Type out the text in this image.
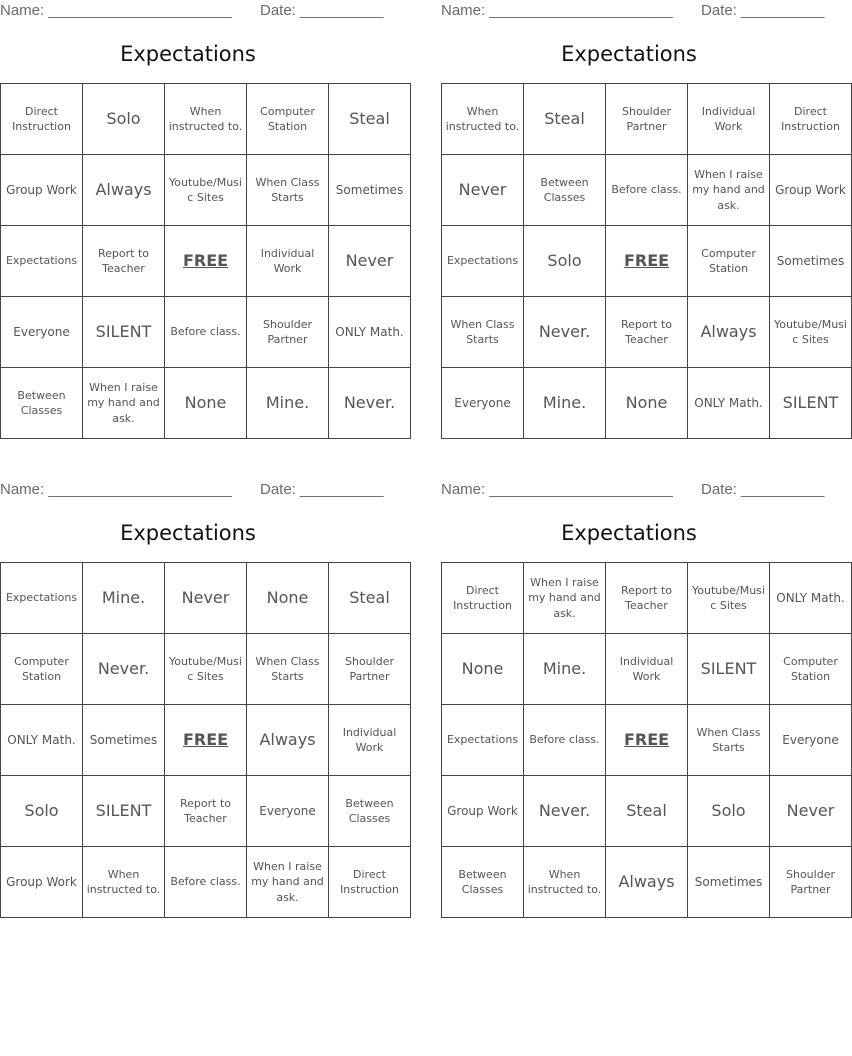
Name: ______________________ Date: __________
Expectations
Direct Instruction	Solo	When instructed to.	Computer Station	Steal
Group Work	Always	Youtube/Music Sites	When Class Starts	Sometimes
Expectations	Report to Teacher	FREE	Individual Work	Never
Everyone	SILENT	Before class.	Shoulder Partner	ONLY Math.
Between Classes	When I raise my hand and ask.	None	Mine.	Never.
Name: ______________________ Date: __________
Expectations
When instructed to.	Steal	Shoulder Partner	Individual Work	Direct Instruction
Never	Between Classes	Before class.	When I raise my hand and ask.	Group Work
Expectations	Solo	FREE	Computer Station	Sometimes
When Class Starts	Never.	Report to Teacher	Always	Youtube/Music Sites
Everyone	Mine.	None	ONLY Math.	SILENT
Name: ______________________ Date: __________
Expectations
Expectations	Mine.	Never	None	Steal
Computer Station	Never.	Youtube/Music Sites	When Class Starts	Shoulder Partner
ONLY Math.	Sometimes	FREE	Always	Individual Work
Solo	SILENT	Report to Teacher	Everyone	Between Classes
Group Work	When instructed to.	Before class.	When I raise my hand and ask.	Direct Instruction
Name: ______________________ Date: __________
Expectations
Direct Instruction	When I raise my hand and ask.	Report to Teacher	Youtube/Music Sites	ONLY Math.
None	Mine.	Individual Work	SILENT	Computer Station
Expectations	Before class.	FREE	When Class Starts	Everyone
Group Work	Never.	Steal	Solo	Never
Between Classes	When instructed to.	Always	Sometimes	Shoulder Partner
